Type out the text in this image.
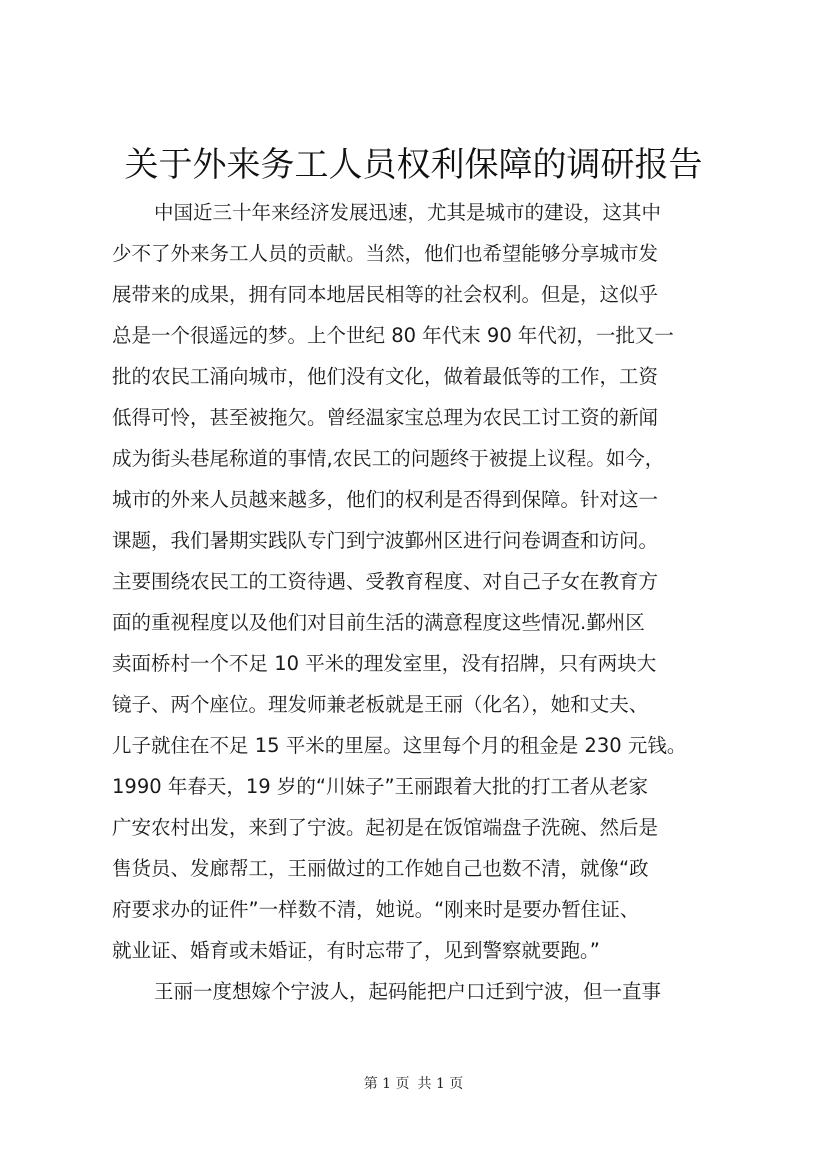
关于外来务工人员权利保障的调研报告

中国近三十年来经济发展迅速，尤其是城市的建设，这其中

少不了外来务工人员的贡献。当然，他们也希望能够分享城市发

展带来的成果，拥有同本地居民相等的社会权利。但是，这似乎

总是一个很遥远的梦。上个世纪 80 年代末 90 年代初，一批又一

批的农民工涌向城市，他们没有文化，做着最低等的工作，工资

低得可怜，甚至被拖欠。曾经温家宝总理为农民工讨工资的新闻

成为街头巷尾称道的事情,农民工的问题终于被提上议程。如今，

城市的外来人员越来越多，他们的权利是否得到保障。针对这一

课题，我们暑期实践队专门到宁波鄞州区进行问卷调查和访问。

主要围绕农民工的工资待遇、受教育程度、对自己子女在教育方

面的重视程度以及他们对目前生活的满意程度这些情况.鄞州区

卖面桥村一个不足 10 平米的理发室里，没有招牌，只有两块大

镜子、两个座位。理发师兼老板就是王丽（化名），她和丈夫、

儿子就住在不足 15 平米的里屋。这里每个月的租金是 230 元钱。

1990 年春天，19 岁的“川妹子”王丽跟着大批的打工者从老家

广安农村出发，来到了宁波。起初是在饭馆端盘子洗碗、然后是

售货员、发廊帮工，王丽做过的工作她自己也数不清，就像“政

府要求办的证件”一样数不清，她说。“刚来时是要办暂住证、

就业证、婚育或未婚证，有时忘带了，见到警察就要跑。”

王丽一度想嫁个宁波人，起码能把户口迁到宁波，但一直事

第 1 页 共 1 页
